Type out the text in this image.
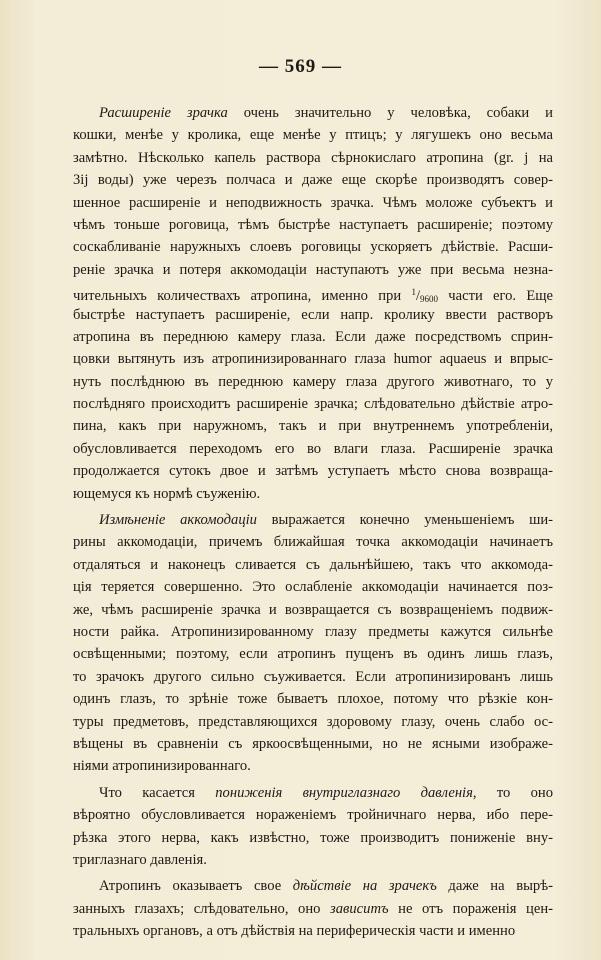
— 569 —
Расширеніе зрачка очень значительно у человѣка, собаки и
кошки, менѣе у кролика, еще менѣе у птицъ; у лягушекъ оно весьма
замѣтно. Нѣсколько капель раствора сѣрнокислаго атропина (gr. j на
3ij воды) уже черезъ полчаса и даже еще скорѣе производятъ совер-
шенное расширеніе и неподвижность зрачка. Чѣмъ моложе субъектъ и
чѣмъ тоньше роговица, тѣмъ быстрѣе наступаетъ расширеніе; поэтому
соскабливаніе наружныхъ слоевъ роговицы ускоряетъ дѣйствіе. Расши-
реніе зрачка и потеря аккомодаціи наступаютъ уже при весьма незна-
чительныхъ количествахъ атропина, именно при $^1/_{9600}$ части его. Еще
быстрѣе наступаетъ расширеніе, если напр. кролику ввести растворъ
атропина въ переднюю камеру глаза. Если даже посредствомъ сприн-
цовки вытянуть изъ атропинизированнаго глаза humor aquaeus и впрыс-
нуть послѣднюю въ переднюю камеру глаза другого животнаго, то у
послѣдняго происходитъ расширеніе зрачка; слѣдовательно дѣйствіе атро-
пина, какъ при наружномъ, такъ и при внутреннемъ употребленіи,
обусловливается переходомъ его во влаги глаза. Расширеніе зрачка
продолжается сутокъ двое и затѣмъ уступаетъ мѣсто снова возвраща-
ющемуся къ нормѣ съуженію.
Измѣненіе аккомодаціи выражается конечно уменьшеніемъ ши-
рины аккомодаціи, причемъ ближайшая точка аккомодаціи начинаетъ
отдаляться и наконецъ сливается съ дальнѣйшею, такъ что аккомода-
ція теряется совершенно. Это ослабленіе аккомодаціи начинается поз-
же, чѣмъ расширеніе зрачка и возвращается съ возвращеніемъ подвиж-
ности райка. Атропинизированному глазу предметы кажутся сильнѣе
освѣщенными; поэтому, если атропинъ пущенъ въ одинъ лишь глазъ,
то зрачокъ другого сильно съуживается. Если атропинизированъ лишь
одинъ глазъ, то зрѣніе тоже бываетъ плохое, потому что рѣзкіе кон-
туры предметовъ, представляющихся здоровому глазу, очень слабо ос-
вѣщены въ сравненіи съ яркоосвѣщенными, но не ясными изображе-
ніями атропинизированнаго.
Что касается пониженія внутриглазнаго давленія, то оно
вѣроятно обусловливается нораженіемъ тройничнаго нерва, ибо пере-
рѣзка этого нерва, какъ извѣстно, тоже производитъ пониженіе вну-
триглазнаго давленія.
Атропинъ оказываетъ свое дѣйствіе на зрачекъ даже на вырѣ-
занныхъ глазахъ; слѣдовательно, оно зависитъ не отъ пораженія цен-
тральныхъ органовъ, а отъ дѣйствія на периферическія части и именно
